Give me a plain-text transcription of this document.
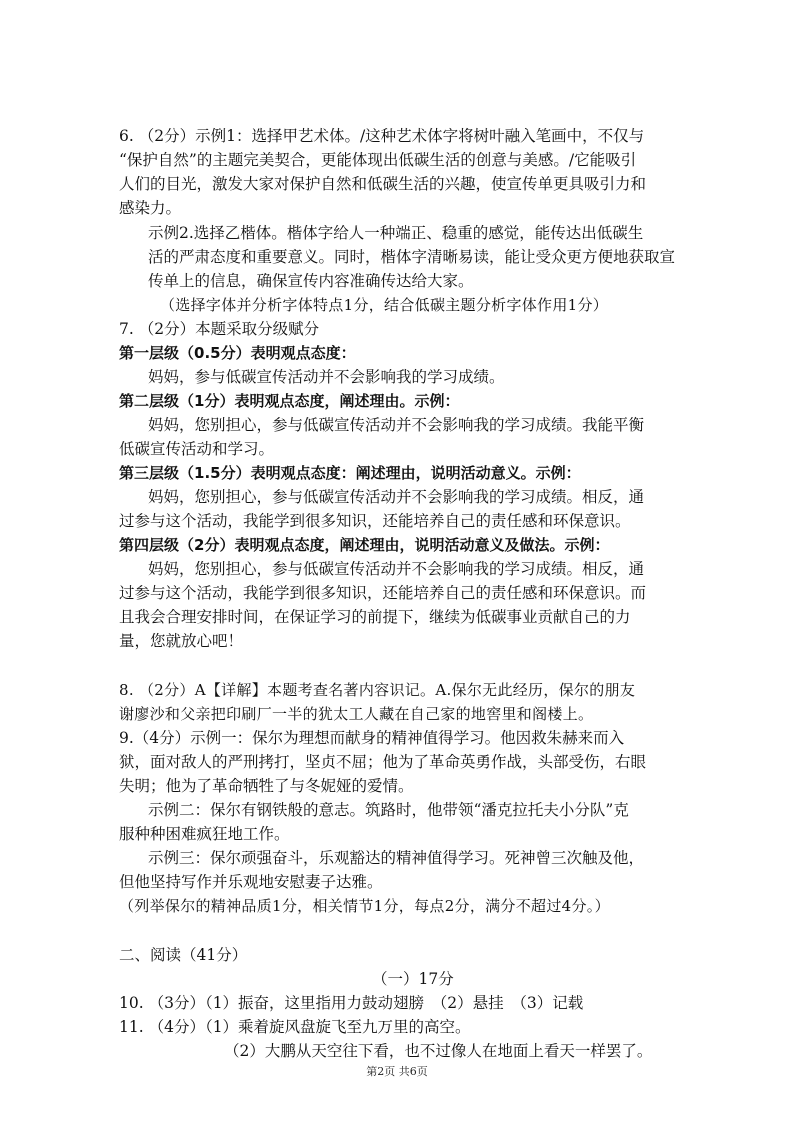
6. （2分）示例1：选择甲艺术体。/这种艺术体字将树叶融入笔画中，不仅与
“保护自然”的主题完美契合，更能体现出低碳生活的创意与美感。/它能吸引
人们的目光，激发大家对保护自然和低碳生活的兴趣，使宣传单更具吸引力和
感染力。
示例2.选择乙楷体。楷体字给人一种端正、稳重的感觉，能传达出低碳生
活的严肃态度和重要意义。同时，楷体字清晰易读，能让受众更方便地获取宣
传单上的信息，确保宣传内容准确传达给大家。
（选择字体并分析字体特点1分，结合低碳主题分析字体作用1分）
7. （2分）本题采取分级赋分
第一层级（0.5分）表明观点态度：
妈妈，参与低碳宣传活动并不会影响我的学习成绩。
第二层级（1分）表明观点态度，阐述理由。示例：
妈妈，您别担心，参与低碳宣传活动并不会影响我的学习成绩。我能平衡
低碳宣传活动和学习。
第三层级（1.5分）表明观点态度：阐述理由，说明活动意义。示例：
妈妈，您别担心，参与低碳宣传活动并不会影响我的学习成绩。相反，通
过参与这个活动，我能学到很多知识，还能培养自己的责任感和环保意识。
第四层级（2分）表明观点态度，阐述理由，说明活动意义及做法。示例：
妈妈，您别担心，参与低碳宣传活动并不会影响我的学习成绩。相反，通
过参与这个活动，我能学到很多知识，还能培养自己的责任感和环保意识。而
且我会合理安排时间，在保证学习的前提下，继续为低碳事业贡献自己的力
量，您就放心吧！
8. （2分）A【详解】本题考查名著内容识记。A.保尔无此经历，保尔的朋友
谢廖沙和父亲把印刷厂一半的犹太工人藏在自己家的地窖里和阁楼上。
9.（4分）示例一：保尔为理想而献身的精神值得学习。他因救朱赫来而入
狱，面对敌人的严刑拷打，坚贞不屈；他为了革命英勇作战，头部受伤，右眼
失明；他为了革命牺牲了与冬妮娅的爱情。
示例二：保尔有钢铁般的意志。筑路时，他带领“潘克拉托夫小分队”克
服种种困难疯狂地工作。
示例三：保尔顽强奋斗，乐观豁达的精神值得学习。死神曾三次触及他，
但他坚持写作并乐观地安慰妻子达雅。
（列举保尔的精神品质1分，相关情节1分，每点2分，满分不超过4分。）
二、阅读（41分）
（一）17分
10. （3分）（1）振奋，这里指用力鼓动翅膀　（2）悬挂　（3）记载
11. （4分）（1）乘着旋风盘旋飞至九万里的高空。
（2）大鹏从天空往下看，也不过像人在地面上看天一样罢了。
第2页 共6页
